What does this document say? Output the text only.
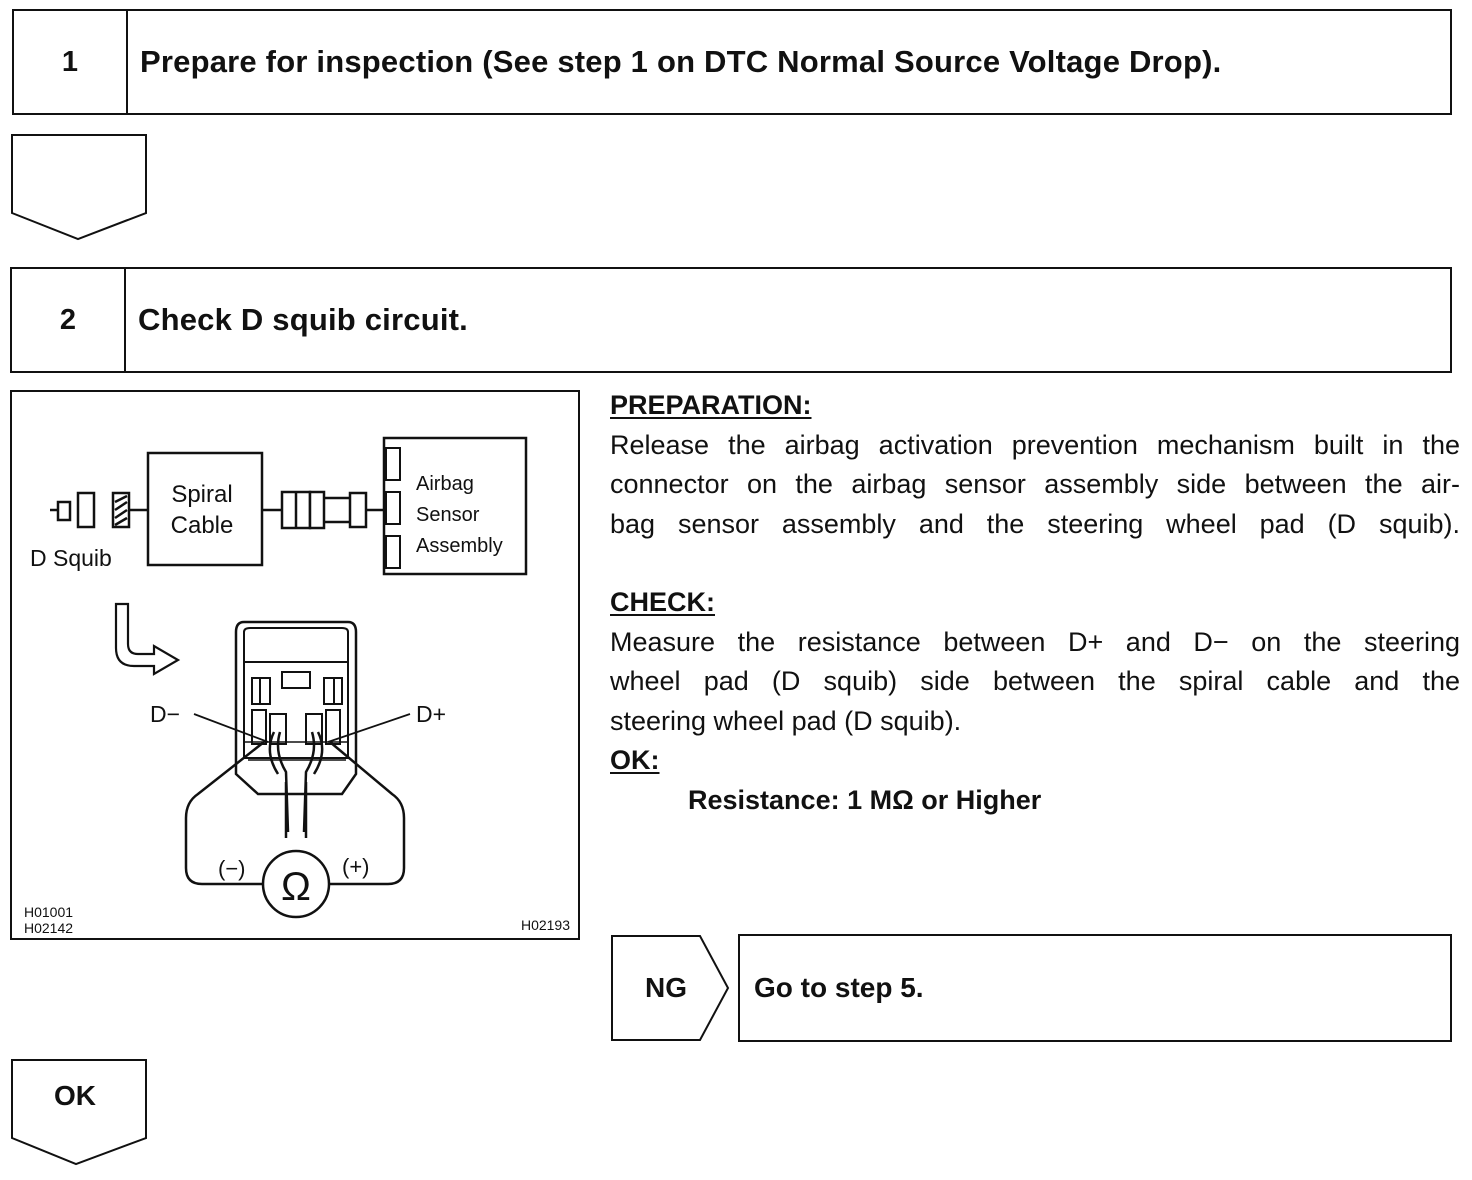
1	Prepare for inspection (See step 1 on DTC Normal Source Voltage Drop).
2	Check D squib circuit.
Spiral
Cable
Airbag
Sensor
Assembly
D Squib
D−	D+
Ω
(−)	(+)
H01001
H02142	H02193
PREPARATION:
Release the airbag activation prevention mechanism built in the
connector on the airbag sensor assembly side between the air-
bag sensor assembly and the steering wheel pad (D squib).
CHECK:
Measure the resistance between D+ and D− on the steering
wheel pad (D squib) side between the spiral cable and the
steering wheel pad (D squib).
OK:
Resistance: 1 MΩ or Higher
NG	Go to step 5.
OK
